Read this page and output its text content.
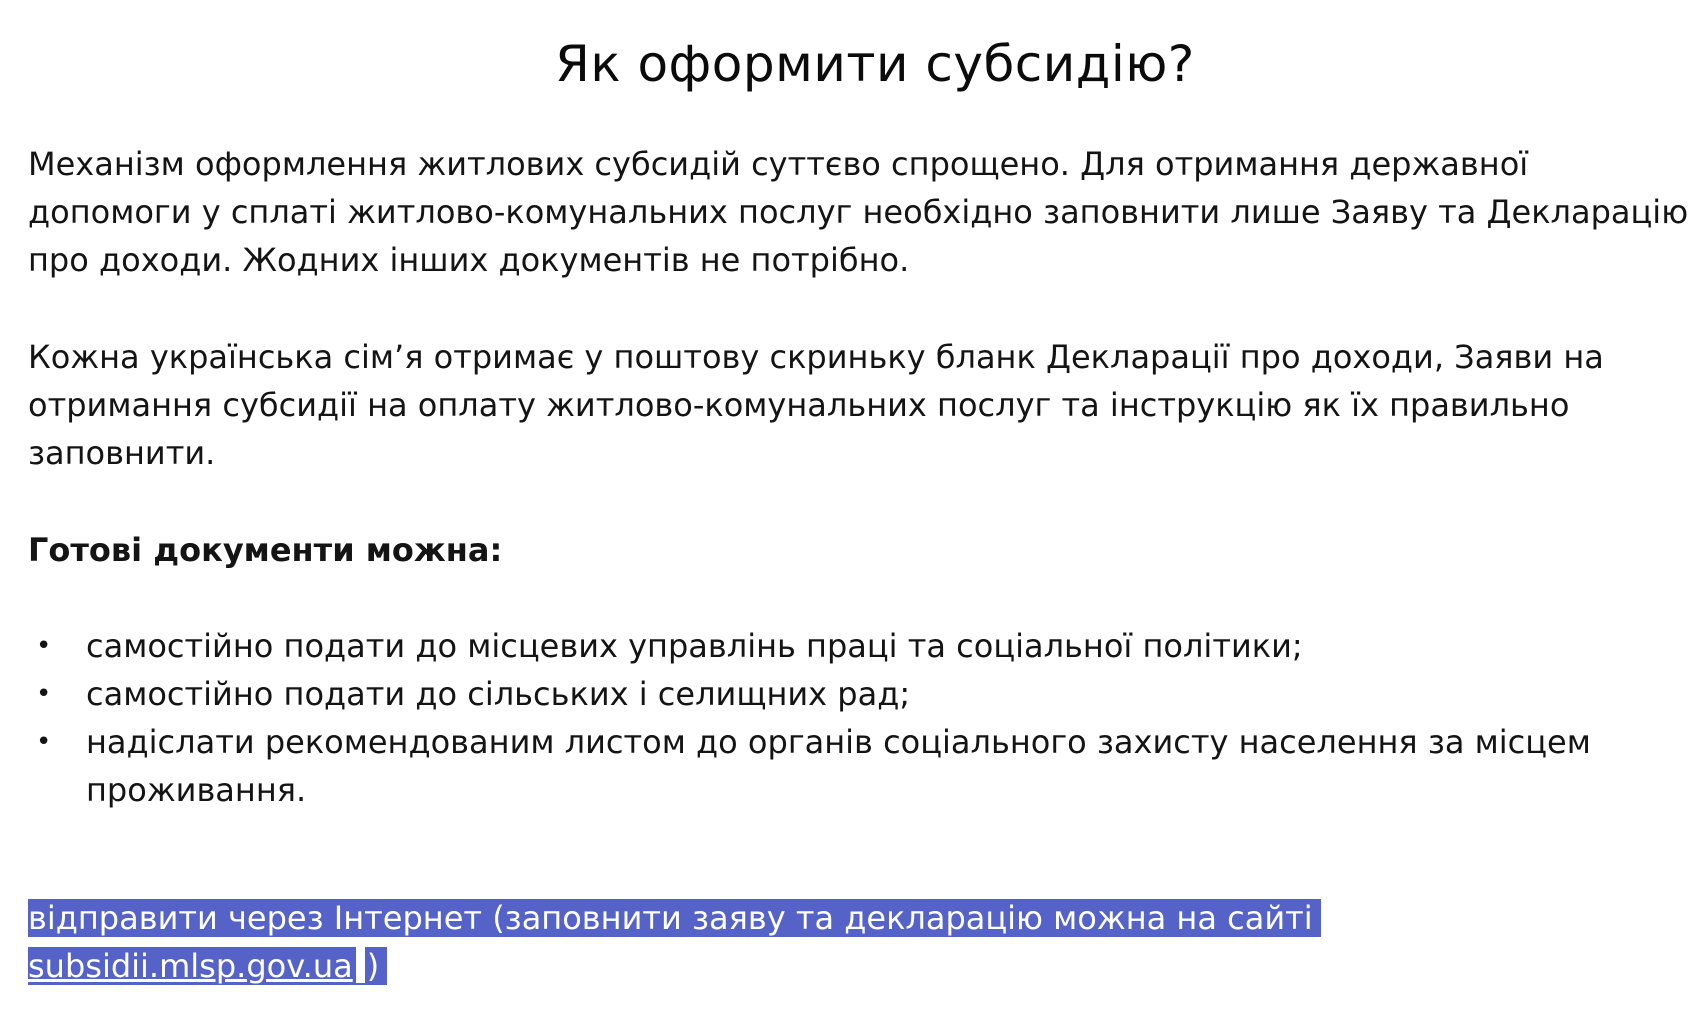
Як оформити субсидію?

Механізм оформлення житлових субсидій суттєво спрощено. Для отримання державної допомоги у сплаті житлово-комунальних послуг необхідно заповнити лише Заяву та Декларацію про доходи. Жодних інших документів не потрібно.

Кожна українська сім’я отримає у поштову скриньку бланк Декларації про доходи, Заяви на отримання субсидії на оплату житлово-комунальних послуг та інструкцію як їх правильно заповнити.

Готові документи можна:

• самостійно подати до місцевих управлінь праці та соціальної політики;
• самостійно подати до сільських і селищних рад;
• надіслати рекомендованим листом до органів соціального захисту населення за місцем проживання.
відправити через Інтернет (заповнити заяву та декларацію можна на сайті
subsidii.mlsp.gov.ua )
